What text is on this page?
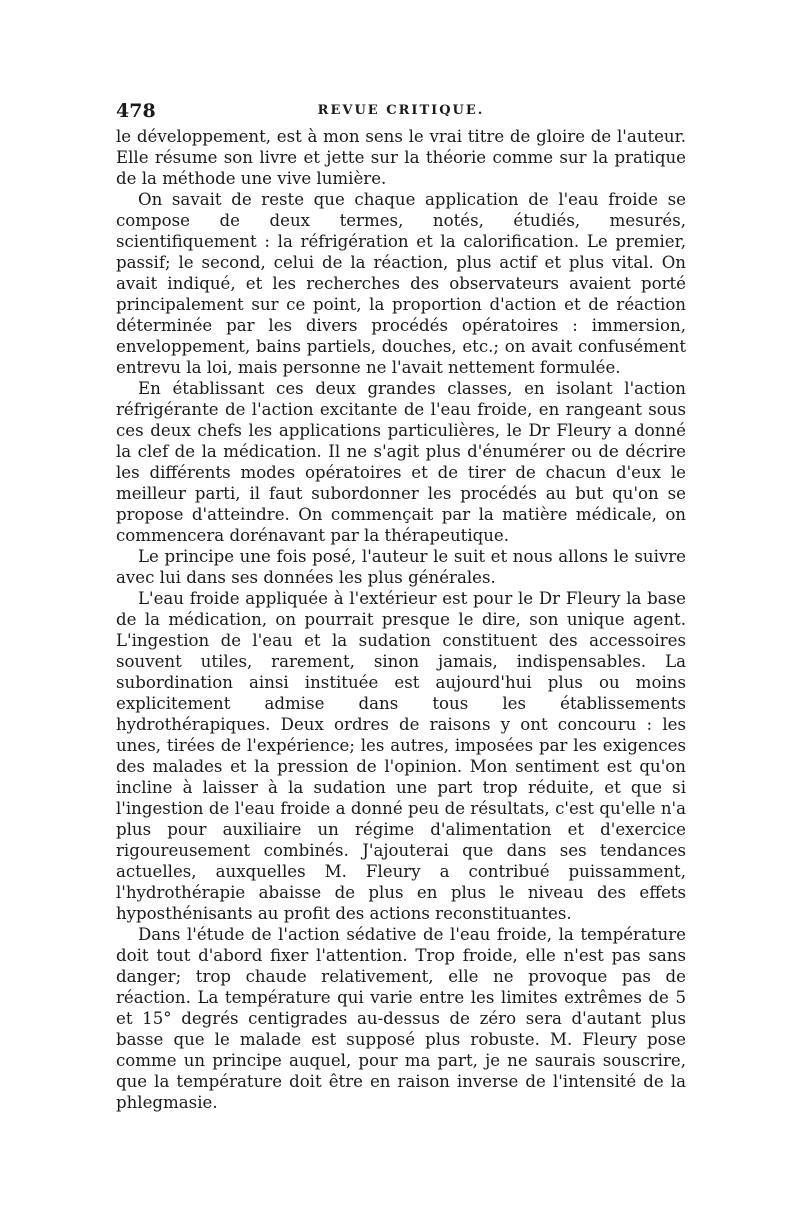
478	REVUE CRITIQUE.

le développement, est à mon sens le vrai titre de gloire de l'auteur. Elle résume son livre et jette sur la théorie comme sur la pratique de la méthode une vive lumière.

On savait de reste que chaque application de l'eau froide se compose de deux termes, notés, étudiés, mesurés, scientifiquement : la réfrigération et la calorification. Le premier, passif; le second, celui de la réaction, plus actif et plus vital. On avait indiqué, et les recherches des observateurs avaient porté principalement sur ce point, la proportion d'action et de réaction déterminée par les divers procédés opératoires : immersion, enveloppement, bains partiels, douches, etc.; on avait confusément entrevu la loi, mais personne ne l'avait nettement formulée.

En établissant ces deux grandes classes, en isolant l'action réfrigérante de l'action excitante de l'eau froide, en rangeant sous ces deux chefs les applications particulières, le Dr Fleury a donné la clef de la médication. Il ne s'agit plus d'énumérer ou de décrire les différents modes opératoires et de tirer de chacun d'eux le meilleur parti, il faut subordonner les procédés au but qu'on se propose d'atteindre. On commençait par la matière médicale, on commencera dorénavant par la thérapeutique.

Le principe une fois posé, l'auteur le suit et nous allons le suivre avec lui dans ses données les plus générales.

L'eau froide appliquée à l'extérieur est pour le Dr Fleury la base de la médication, on pourrait presque le dire, son unique agent. L'ingestion de l'eau et la sudation constituent des accessoires souvent utiles, rarement, sinon jamais, indispensables. La subordination ainsi instituée est aujourd'hui plus ou moins explicitement admise dans tous les établissements hydrothérapiques. Deux ordres de raisons y ont concouru : les unes, tirées de l'expérience; les autres, imposées par les exigences des malades et la pression de l'opinion. Mon sentiment est qu'on incline à laisser à la sudation une part trop réduite, et que si l'ingestion de l'eau froide a donné peu de résultats, c'est qu'elle n'a plus pour auxiliaire un régime d'alimentation et d'exercice rigoureusement combinés. J'ajouterai que dans ses tendances actuelles, auxquelles M. Fleury a contribué puissamment, l'hydrothérapie abaisse de plus en plus le niveau des effets hyposthénisants au profit des actions reconstituantes.

Dans l'étude de l'action sédative de l'eau froide, la température doit tout d'abord fixer l'attention. Trop froide, elle n'est pas sans danger; trop chaude relativement, elle ne provoque pas de réaction. La température qui varie entre les limites extrêmes de 5 et 15° degrés centigrades au-dessus de zéro sera d'autant plus basse que le malade est supposé plus robuste. M. Fleury pose comme un principe auquel, pour ma part, je ne saurais souscrire, que la température doit être en raison inverse de l'intensité de la phlegmasie.
